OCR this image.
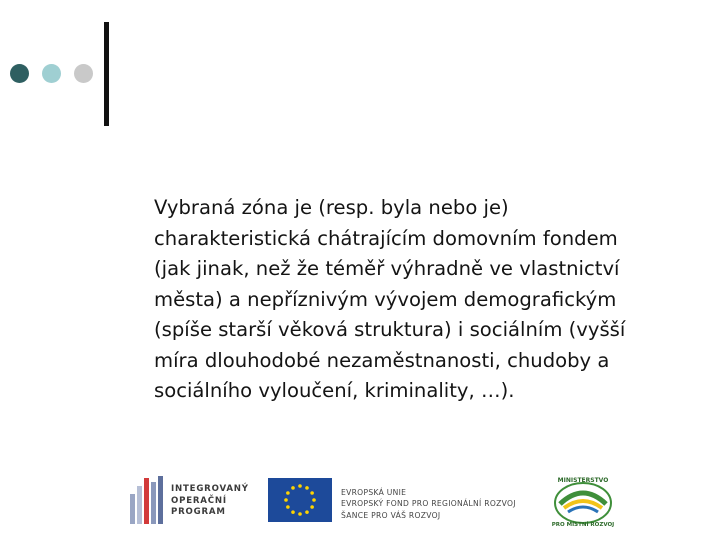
Vybraná zóna je (resp. byla nebo je)
charakteristická chátrajícím domovním fondem
(jak jinak, než že téměř výhradně ve vlastnictví
města) a nepříznivým vývojem demografickým
(spíše starší věková struktura) i sociálním (vyšší
míra dlouhodobé nezaměstnanosti, chudoby a
sociálního vyloučení, kriminality, …).
INTEGROVANÝ
OPERAČNÍ
PROGRAM
EVROPSKÁ UNIE
EVROPSKÝ FOND PRO REGIONÁLNÍ ROZVOJ
ŠANCE PRO VÁŠ ROZVOJ
MINISTERSTVO
PRO MÍSTNÍ ROZVOJ
